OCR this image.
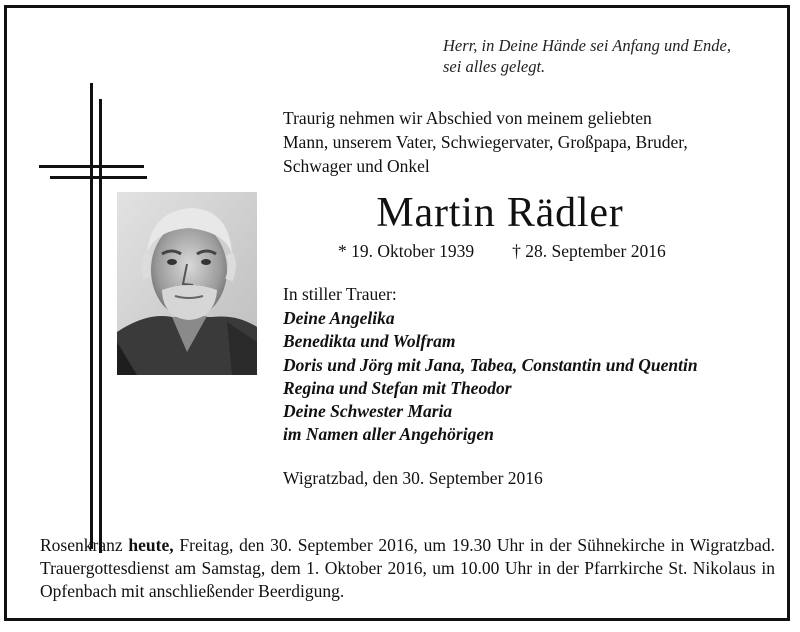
Herr, in Deine Hände sei Anfang und Ende,
sei alles gelegt.
Traurig nehmen wir Abschied von meinem geliebten
Mann, unserem Vater, Schwiegervater, Großpapa, Bruder,
Schwager und Onkel
Martin Rädler
* 19. Oktober 1939 † 28. September 2016
In stiller Trauer:
Deine Angelika
Benedikta und Wolfram
Doris und Jörg mit Jana, Tabea, Constantin und Quentin
Regina und Stefan mit Theodor
Deine Schwester Maria
im Namen aller Angehörigen
Wigratzbad, den 30. September 2016
Rosenkranz heute, Freitag, den 30. September 2016, um 19.30 Uhr in der Sühnekirche in Wigratzbad. Trauergottesdienst am Samstag, dem 1. Oktober 2016, um 10.00 Uhr in der Pfarrkirche St. Nikolaus in Opfenbach mit anschließender Beerdigung.
